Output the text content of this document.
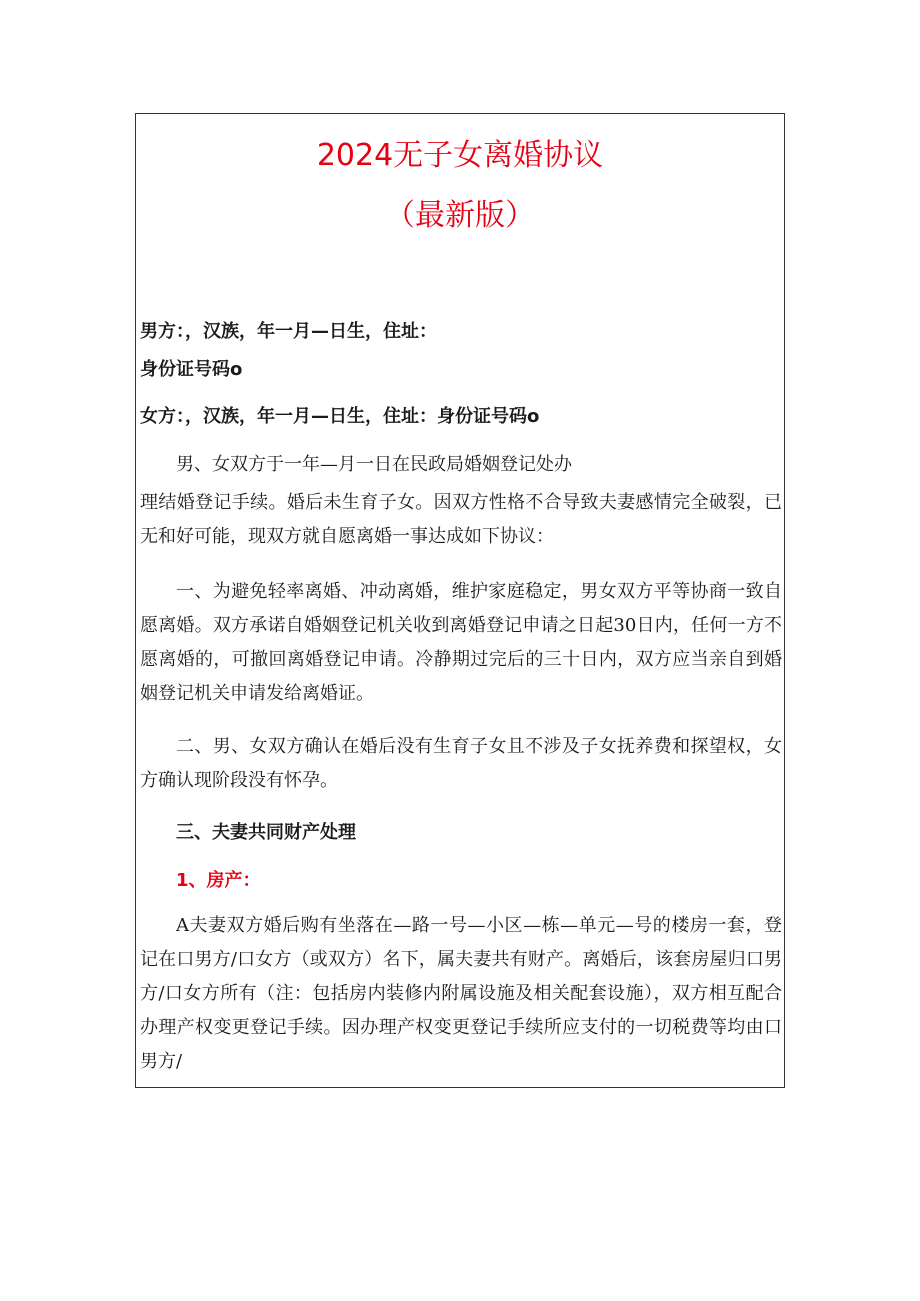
2024无子女离婚协议
（最新版）
男方：，汉族，年一月—日生，住址：
身份证号码o
女方：，汉族，年一月—日生，住址：身份证号码o
男、女双方于一年—月一日在民政局婚姻登记处办
理结婚登记手续。婚后未生育子女。因双方性格不合导致夫妻感情完全破裂，已无和好可能，现双方就自愿离婚一事达成如下协议：
一、为避免轻率离婚、冲动离婚，维护家庭稳定，男女双方平等协商一致自愿离婚。双方承诺自婚姻登记机关收到离婚登记申请之日起30日内，任何一方不愿离婚的，可撤回离婚登记申请。冷静期过完后的三十日内，双方应当亲自到婚姻登记机关申请发给离婚证。
二、男、女双方确认在婚后没有生育子女且不涉及子女抚养费和探望权，女方确认现阶段没有怀孕。
三、夫妻共同财产处理
1、房产：
A夫妻双方婚后购有坐落在—路一号—小区—栋—单元—号的楼房一套，登记在口男方/口女方（或双方）名下，属夫妻共有财产。离婚后，该套房屋归口男方/口女方所有（注：包括房内装修内附属设施及相关配套设施），双方相互配合办理产权变更登记手续。因办理产权变更登记手续所应支付的一切税费等均由口男方/
